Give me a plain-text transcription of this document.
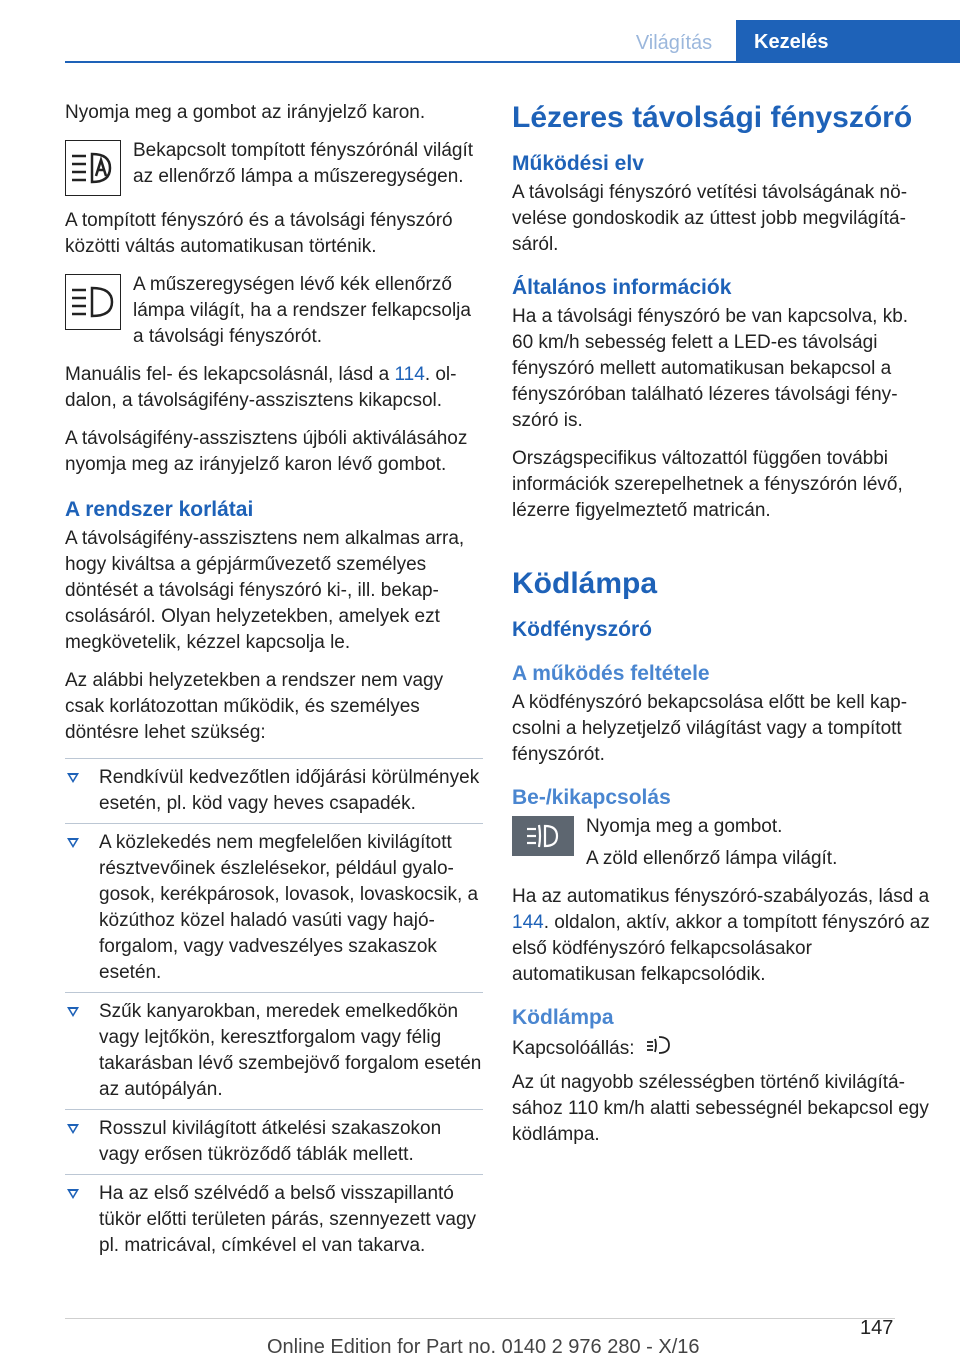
Világítás	Kezelés

Nyomja meg a gombot az irányjelző karon.

Bekapcsolt tompított fényszórónál világít az ellenőrző lámpa a műszeregységen.

A tompított fényszóró és a távolsági fényszóró közötti váltás automatikusan történik.

A műszeregységen lévő kék ellenőrző lámpa világít, ha a rendszer felkapcsolja a távolsági fényszórót.

Manuális fel- és lekapcsolásnál, lásd a 114. oldalon, a távolságifény-asszisztens kikapcsol.

A távolságifény-asszisztens újbóli aktiválásához nyomja meg az irányjelző karon lévő gombot.

A rendszer korlátai

A távolságifény-asszisztens nem alkalmas arra, hogy kiváltsa a gépjárművezető személyes döntését a távolsági fényszóró ki-, ill. bekapcsolásáról. Olyan helyzetekben, amelyek ezt megkövetelik, kézzel kapcsolja le.

Az alábbi helyzetekben a rendszer nem vagy csak korlátozottan működik, és személyes döntésre lehet szükség:

Rendkívül kedvezőtlen időjárási körülmények esetén, pl. köd vagy heves csapadék.
A közlekedés nem megfelelően kivilágított résztvevőinek észlelésekor, például gyalogosok, kerékpárosok, lovasok, lovaskocsik, a közúthoz közel haladó vasúti vagy hajóforgalom, vagy vadveszélyes szakaszok esetén.
Szűk kanyarokban, meredek emelkedőkön vagy lejtőkön, keresztforgalom vagy félig takarásban lévő szembejövő forgalom esetén az autópályán.
Rosszul kivilágított átkelési szakaszokon vagy erősen tükröződő táblák mellett.
Ha az első szélvédő a belső visszapillantó tükör előtti területen párás, szennyezett vagy pl. matricával, címkével el van takarva.
Lézeres távolsági fényszóró
Működési elv

A távolsági fényszóró vetítési távolságának növelése gondoskodik az úttest jobb megvilágításáról.

Általános információk

Ha a távolsági fényszóró be van kapcsolva, kb. 60 km/h sebesség felett a LED-es távolsági fényszóró mellett automatikusan bekapcsol a fényszóróban található lézeres távolsági fényszóró is.

Országspecifikus változattól függően további információk szerepelhetnek a fényszórón lévő, lézerre figyelmeztető matricán.

Ködlámpa
Ködfényszóró
A működés feltétele

A ködfényszóró bekapcsolása előtt be kell kapcsolni a helyzetjelző világítást vagy a tompított fényszórót.

Be-/kikapcsolás

Nyomja meg a gombot.

A zöld ellenőrző lámpa világít.

Ha az automatikus fényszóró-szabályozás, lásd a 144. oldalon, aktív, akkor a tompított fényszóró az első ködfényszóró felkapcsolásakor automatikusan felkapcsolódik.

Ködlámpa

Kapcsolóállás:

Az út nagyobb szélességben történő kivilágításához 110 km/h alatti sebességnél bekapcsol egy ködlámpa.

147
Online Edition for Part no. 0140 2 976 280 - X/16
